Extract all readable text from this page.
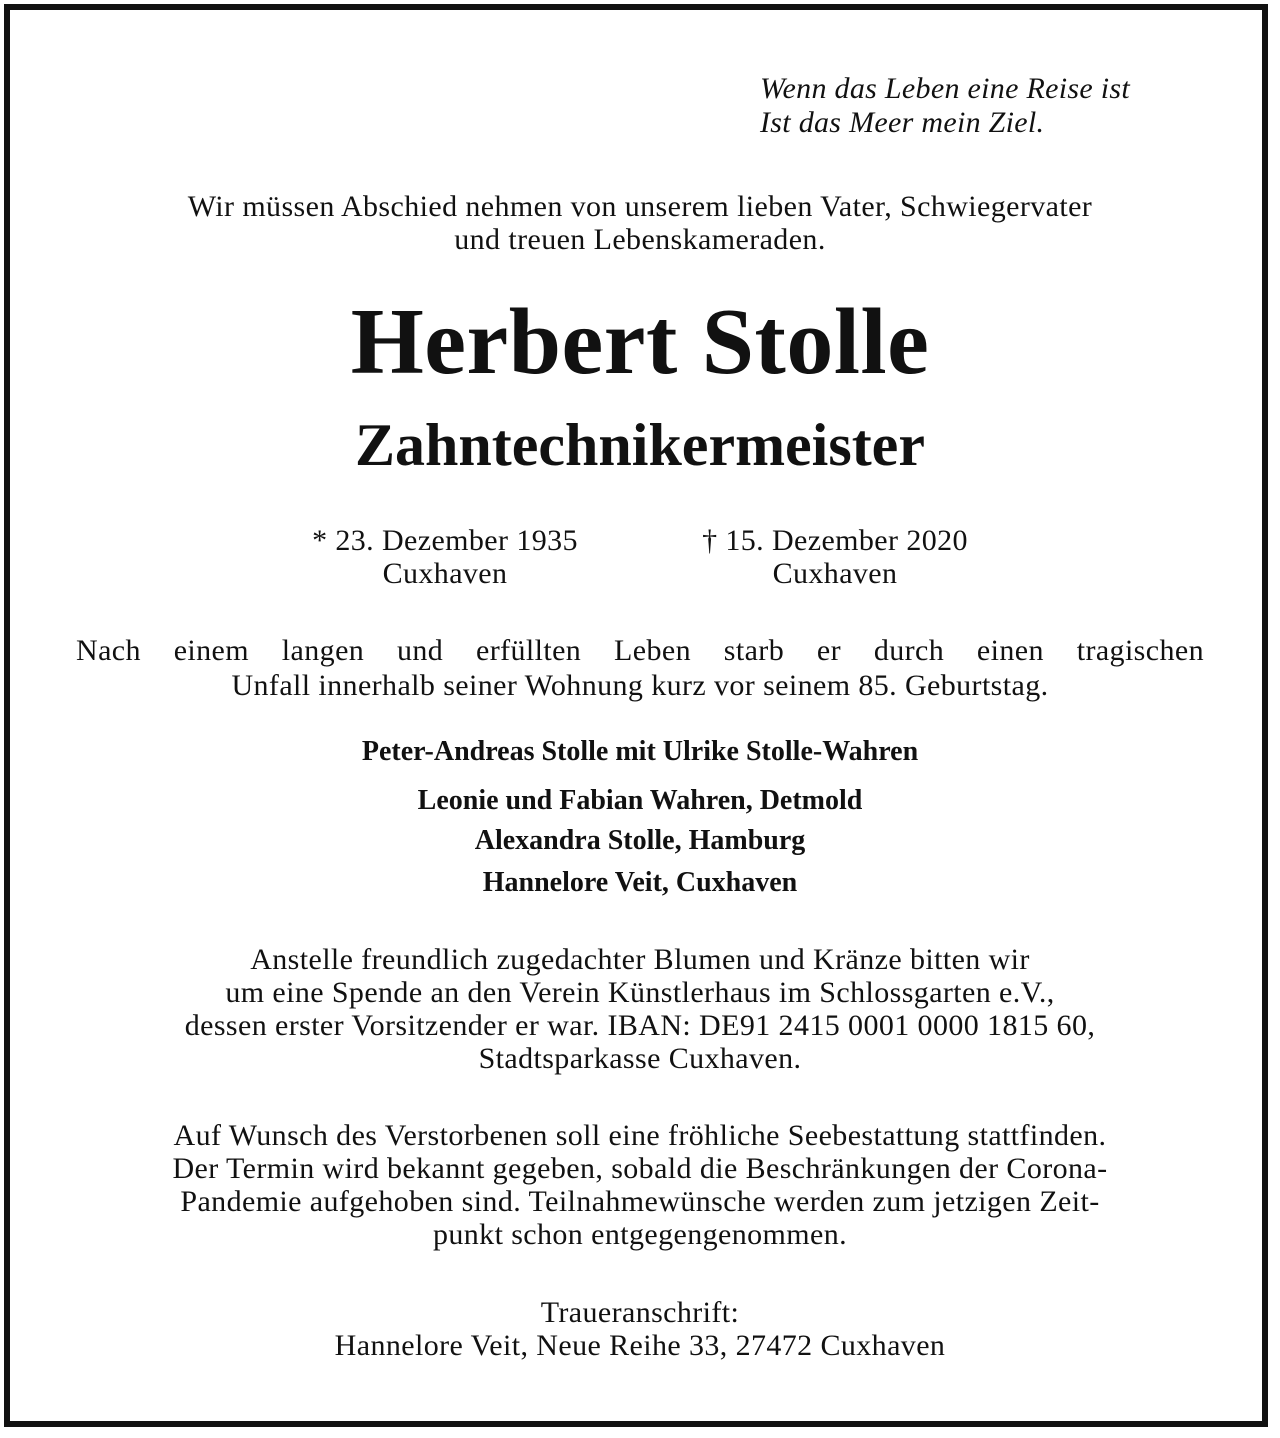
Wenn das Leben eine Reise ist
Ist das Meer mein Ziel.
Wir müssen Abschied nehmen von unserem lieben Vater, Schwiegervater
und treuen Lebenskameraden.
Herbert Stolle
Zahntechnikermeister
* 23. Dezember 1935
Cuxhaven
† 15. Dezember 2020
Cuxhaven
Nach einem langen und erfüllten Leben starb er durch einen tragischen
Unfall innerhalb seiner Wohnung kurz vor seinem 85. Geburtstag.
Peter-Andreas Stolle mit Ulrike Stolle-Wahren
Leonie und Fabian Wahren, Detmold
Alexandra Stolle, Hamburg
Hannelore Veit, Cuxhaven
Anstelle freundlich zugedachter Blumen und Kränze bitten wir
um eine Spende an den Verein Künstlerhaus im Schlossgarten e.V.,
dessen erster Vorsitzender er war. IBAN: DE91 2415 0001 0000 1815 60,
Stadtsparkasse Cuxhaven.
Auf Wunsch des Verstorbenen soll eine fröhliche Seebestattung stattfinden.
Der Termin wird bekannt gegeben, sobald die Beschränkungen der Corona-
Pandemie aufgehoben sind. Teilnahmewünsche werden zum jetzigen Zeit-
punkt schon entgegengenommen.
Traueranschrift:
Hannelore Veit, Neue Reihe 33, 27472 Cuxhaven
